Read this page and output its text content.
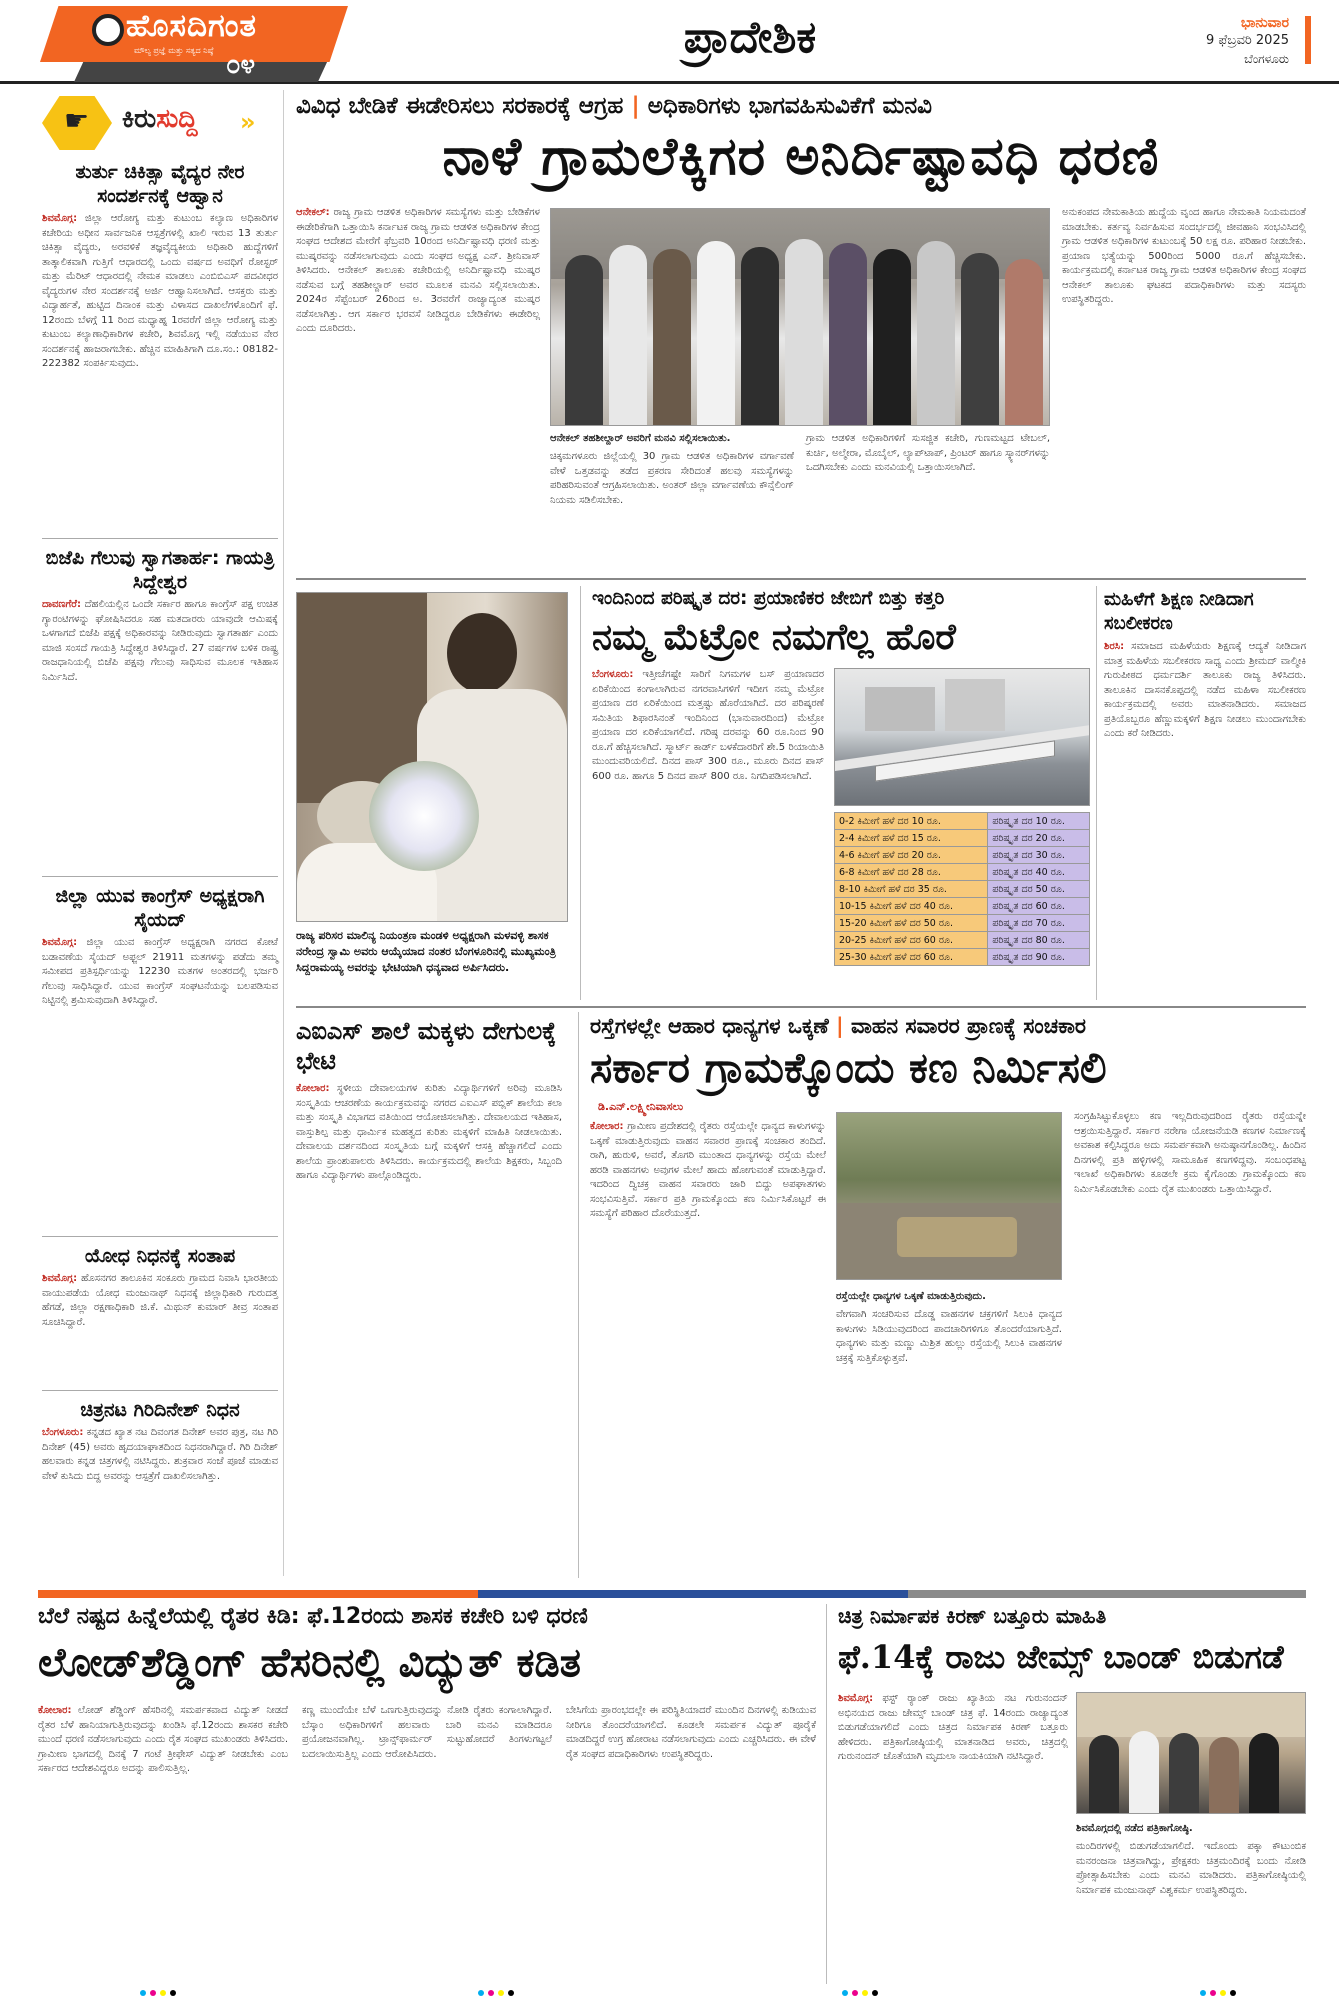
ಹೊಸದಿಗಂತ
ಮೌಲ್ಯ ಪ್ರಜ್ಞೆ ಮತ್ತು ಸತ್ಯದ ನಿಷ್ಠೆ ೦೪
ಪ್ರಾದೇಶಿಕ	ಭಾನುವಾರ
9 ಫೆಬ್ರವರಿ 2025
ಬೆಂಗಳೂರು
☛ ಕಿರುಸುದ್ದಿ »
ತುರ್ತು ಚಿಕಿತ್ಸಾ ವೈದ್ಯರ ನೇರ ಸಂದರ್ಶನಕ್ಕೆ ಆಹ್ವಾನ
ಶಿವಮೊಗ್ಗ: ಜಿಲ್ಲಾ ಆರೋಗ್ಯ ಮತ್ತು ಕುಟುಂಬ ಕಲ್ಯಾಣ ಅಧಿಕಾರಿಗಳ ಕಚೇರಿಯ ಅಧೀನ ಸಾರ್ವಜನಿಕ ಆಸ್ಪತ್ರೆಗಳಲ್ಲಿ ಖಾಲಿ ಇರುವ 13 ತುರ್ತು ಚಿಕಿತ್ಸಾ ವೈದ್ಯರು, ಅರವಳಿಕೆ ತಜ್ಞವೈದ್ಯಕೀಯ ಅಧಿಕಾರಿ ಹುದ್ದೆಗಳಿಗೆ ತಾತ್ಕಾಲಿಕವಾಗಿ ಗುತ್ತಿಗೆ ಆಧಾರದಲ್ಲಿ ಒಂದು ವರ್ಷದ ಅವಧಿಗೆ ರೋಸ್ಟರ್ ಮತ್ತು ಮೆರಿಟ್ ಆಧಾರದಲ್ಲಿ ನೇಮಕ ಮಾಡಲು ಎಂಬಿಬಿಎಸ್ ಪದವೀಧರ ವೈದ್ಯರುಗಳ ನೇರ ಸಂದರ್ಶನಕ್ಕೆ ಅರ್ಜಿ ಆಹ್ವಾನಿಸಲಾಗಿದೆ. ಆಸಕ್ತರು ಮತ್ತು ವಿದ್ಯಾರ್ಹತೆ, ಹುಟ್ಟಿದ ದಿನಾಂಕ ಮತ್ತು ವಿಳಾಸದ ದಾಖಲೆಗಳೊಂದಿಗೆ ಫೆ. 12ರಂದು ಬೆಳಗ್ಗೆ 11 ರಿಂದ ಮಧ್ಯಾಹ್ನ 1ರವರೆಗೆ ಜಿಲ್ಲಾ ಆರೋಗ್ಯ ಮತ್ತು ಕುಟುಂಬ ಕಲ್ಯಾಣಾಧಿಕಾರಿಗಳ ಕಚೇರಿ, ಶಿವಮೊಗ್ಗ ಇಲ್ಲಿ ನಡೆಯುವ ನೇರ ಸಂದರ್ಶನಕ್ಕೆ ಹಾಜರಾಗಬೇಕು. ಹೆಚ್ಚಿನ ಮಾಹಿತಿಗಾಗಿ ದೂ.ಸಂ.: 08182-222382 ಸಂಪರ್ಕಿಸುವುದು.
ಬಿಜೆಪಿ ಗೆಲುವು ಸ್ವಾಗತಾರ್ಹ: ಗಾಯತ್ರಿ ಸಿದ್ದೇಶ್ವರ
ದಾವಣಗೆರೆ: ದೆಹಲಿಯಲ್ಲಿನ ಒಂದೇ ಸರ್ಕಾರ ಹಾಗೂ ಕಾಂಗ್ರೆಸ್ ಪಕ್ಷ ಉಚಿತ ಗ್ಯಾರಂಟಿಗಳನ್ನು ಘೋಷಿಸಿದರೂ ಸಹ ಮತದಾರರು ಯಾವುದೇ ಆಮಿಷಕ್ಕೆ ಒಳಗಾಗದೆ ಬಿಜೆಪಿ ಪಕ್ಷಕ್ಕೆ ಅಧಿಕಾರವನ್ನು ನೀಡಿರುವುದು ಸ್ವಾಗತಾರ್ಹ ಎಂದು ಮಾಜಿ ಸಂಸದೆ ಗಾಯತ್ರಿ ಸಿದ್ದೇಶ್ವರ ತಿಳಿಸಿದ್ದಾರೆ. 27 ವರ್ಷಗಳ ಬಳಿಕ ರಾಷ್ಟ್ರ ರಾಜಧಾನಿಯಲ್ಲಿ ಬಿಜೆಪಿ ಪಕ್ಷವು ಗೆಲುವು ಸಾಧಿಸುವ ಮೂಲಕ ಇತಿಹಾಸ ನಿರ್ಮಿಸಿದೆ.
ಜಿಲ್ಲಾ ಯುವ ಕಾಂಗ್ರೆಸ್ ಅಧ್ಯಕ್ಷರಾಗಿ ಸೈಯದ್
ಶಿವಮೊಗ್ಗ: ಜಿಲ್ಲಾ ಯುವ ಕಾಂಗ್ರೆಸ್ ಅಧ್ಯಕ್ಷರಾಗಿ ನಗರದ ಕೋಟೆ ಬಡಾವಣೆಯ ಸೈಯದ್ ಅಫ್ಜಲ್ 21911 ಮತಗಳನ್ನು ಪಡೆದು ತಮ್ಮ ಸಮೀಪದ ಪ್ರತಿಸ್ಪರ್ಧಿಯನ್ನು 12230 ಮತಗಳ ಅಂತರದಲ್ಲಿ ಭರ್ಜರಿ ಗೆಲುವು ಸಾಧಿಸಿದ್ದಾರೆ. ಯುವ ಕಾಂಗ್ರೆಸ್ ಸಂಘಟನೆಯನ್ನು ಬಲಪಡಿಸುವ ನಿಟ್ಟಿನಲ್ಲಿ ಶ್ರಮಿಸುವುದಾಗಿ ತಿಳಿಸಿದ್ದಾರೆ.
ಯೋಧ ನಿಧನಕ್ಕೆ ಸಂತಾಪ
ಶಿವಮೊಗ್ಗ: ಹೊಸನಗರ ತಾಲೂಕಿನ ಸಂಕೂರು ಗ್ರಾಮದ ನಿವಾಸಿ ಭಾರತೀಯ ವಾಯುಪಡೆಯ ಯೋಧ ಮಂಜುನಾಥ್ ನಿಧನಕ್ಕೆ ಜಿಲ್ಲಾಧಿಕಾರಿ ಗುರುದತ್ತ ಹೆಗಡೆ, ಜಿಲ್ಲಾ ರಕ್ಷಣಾಧಿಕಾರಿ ಜಿ.ಕೆ. ಮಿಥುನ್ ಕುಮಾರ್ ತೀವ್ರ ಸಂತಾಪ ಸೂಚಿಸಿದ್ದಾರೆ.
ಚಿತ್ರನಟ ಗಿರಿದಿನೇಶ್ ನಿಧನ
ಬೆಂಗಳೂರು: ಕನ್ನಡದ ಖ್ಯಾತ ನಟ ದಿವಂಗತ ದಿನೇಶ್ ಅವರ ಪುತ್ರ, ನಟ ಗಿರಿ ದಿನೇಶ್ (45) ಅವರು ಹೃದಯಾಘಾತದಿಂದ ನಿಧನರಾಗಿದ್ದಾರೆ. ಗಿರಿ ದಿನೇಶ್ ಹಲವಾರು ಕನ್ನಡ ಚಿತ್ರಗಳಲ್ಲಿ ನಟಿಸಿದ್ದರು. ಶುಕ್ರವಾರ ಸಂಜೆ ಪೂಜೆ ಮಾಡುವ ವೇಳೆ ಕುಸಿದು ಬಿದ್ದ ಅವರನ್ನು ಆಸ್ಪತ್ರೆಗೆ ದಾಖಲಿಸಲಾಗಿತ್ತು.
ವಿವಿಧ ಬೇಡಿಕೆ ಈಡೇರಿಸಲು ಸರಕಾರಕ್ಕೆ ಆಗ್ರಹ | ಅಧಿಕಾರಿಗಳು ಭಾಗವಹಿಸುವಿಕೆಗೆ ಮನವಿ
ನಾಳೆ ಗ್ರಾಮಲೆಕ್ಕಿಗರ ಅನಿರ್ದಿಷ್ಟಾವಧಿ ಧರಣಿ
ಆನೇಕಲ್: ರಾಜ್ಯ ಗ್ರಾಮ ಆಡಳಿತ ಅಧಿಕಾರಿಗಳ ಸಮಸ್ಯೆಗಳು ಮತ್ತು ಬೇಡಿಕೆಗಳ ಈಡೇರಿಕೆಗಾಗಿ ಒತ್ತಾಯಿಸಿ ಕರ್ನಾಟಕ ರಾಜ್ಯ ಗ್ರಾಮ ಆಡಳಿತ ಅಧಿಕಾರಿಗಳ ಕೇಂದ್ರ ಸಂಘದ ಆದೇಶದ ಮೇರೆಗೆ ಫೆಬ್ರವರಿ 10ರಂದ ಅನಿರ್ದಿಷ್ಟಾವಧಿ ಧರಣಿ ಮತ್ತು ಮುಷ್ಕರವನ್ನು ನಡೆಸಲಾಗುವುದು ಎಂದು ಸಂಘದ ಅಧ್ಯಕ್ಷ ಎನ್. ಶ್ರೀನಿವಾಸ್ ತಿಳಿಸಿದರು. ಆನೇಕಲ್ ತಾಲೂಕು ಕಚೇರಿಯಲ್ಲಿ ಅನಿರ್ದಿಷ್ಟಾವಧಿ ಮುಷ್ಕರ ನಡೆಸುವ ಬಗ್ಗೆ ತಹಶೀಲ್ದಾರ್ ಅವರ ಮೂಲಕ ಮನವಿ ಸಲ್ಲಿಸಲಾಯಿತು. 2024ರ ಸೆಪ್ಟೆಂಬರ್ 26ರಿಂದ ಅ. 3ರವರೆಗೆ ರಾಜ್ಯಾದ್ಯಂತ ಮುಷ್ಕರ ನಡೆಸಲಾಗಿತ್ತು. ಆಗ ಸರ್ಕಾರ ಭರವಸೆ ನೀಡಿದ್ದರೂ ಬೇಡಿಕೆಗಳು ಈಡೇರಿಲ್ಲ ಎಂದು ದೂರಿದರು.
ಆನೇಕಲ್ ತಹಶೀಲ್ದಾರ್ ಅವರಿಗೆ ಮನವಿ ಸಲ್ಲಿಸಲಾಯಿತು.
ಚಿಕ್ಕಮಗಳೂರು ಜಿಲ್ಲೆಯಲ್ಲಿ 30 ಗ್ರಾಮ ಆಡಳಿತ ಅಧಿಕಾರಿಗಳ ವರ್ಗಾವಣೆ ವೇಳೆ ಒತ್ತಡವನ್ನು ತಡೆದ ಪ್ರಕರಣ ಸೇರಿದಂತೆ ಹಲವು ಸಮಸ್ಯೆಗಳನ್ನು ಪರಿಹರಿಸುವಂತೆ ಆಗ್ರಹಿಸಲಾಯಿತು. ಅಂತರ್ ಜಿಲ್ಲಾ ವರ್ಗಾವಣೆಯ ಕೌನ್ಸೆಲಿಂಗ್ ನಿಯಮ ಸಡಿಲಿಸಬೇಕು.
ಗ್ರಾಮ ಆಡಳಿತ ಅಧಿಕಾರಿಗಳಿಗೆ ಸುಸಜ್ಜಿತ ಕಚೇರಿ, ಗುಣಮಟ್ಟದ ಟೇಬಲ್, ಕುರ್ಚಿ, ಅಲ್ಮೇರಾ, ಮೊಬೈಲ್, ಲ್ಯಾಪ್‌ಟಾಪ್, ಪ್ರಿಂಟರ್ ಹಾಗೂ ಸ್ಕ್ಯಾನರ್‌ಗಳನ್ನು ಒದಗಿಸಬೇಕು ಎಂದು ಮನವಿಯಲ್ಲಿ ಒತ್ತಾಯಿಸಲಾಗಿದೆ.
ಅನುಕಂಪದ ನೇಮಕಾತಿಯ ಹುದ್ದೆಯ ವೃಂದ ಹಾಗೂ ನೇಮಕಾತಿ ನಿಯಮದಂತೆ ಮಾಡಬೇಕು. ಕರ್ತವ್ಯ ನಿರ್ವಹಿಸುವ ಸಂದರ್ಭದಲ್ಲಿ ಜೀವಹಾನಿ ಸಂಭವಿಸಿದಲ್ಲಿ ಗ್ರಾಮ ಆಡಳಿತ ಅಧಿಕಾರಿಗಳ ಕುಟುಂಬಕ್ಕೆ 50 ಲಕ್ಷ ರೂ. ಪರಿಹಾರ ನೀಡಬೇಕು. ಪ್ರಯಾಣ ಭತ್ಯೆಯನ್ನು 500ರಿಂದ 5000 ರೂ.ಗೆ ಹೆಚ್ಚಿಸಬೇಕು. ಕಾರ್ಯಕ್ರಮದಲ್ಲಿ ಕರ್ನಾಟಕ ರಾಜ್ಯ ಗ್ರಾಮ ಆಡಳಿತ ಅಧಿಕಾರಿಗಳ ಕೇಂದ್ರ ಸಂಘದ ಆನೇಕಲ್ ತಾಲೂಕು ಘಟಕದ ಪದಾಧಿಕಾರಿಗಳು ಮತ್ತು ಸದಸ್ಯರು ಉಪಸ್ಥಿತರಿದ್ದರು.
ರಾಜ್ಯ ಪರಿಸರ ಮಾಲಿನ್ಯ ನಿಯಂತ್ರಣ ಮಂಡಳಿ ಅಧ್ಯಕ್ಷರಾಗಿ ಮಳವಳ್ಳಿ ಶಾಸಕ ನರೇಂದ್ರ ಸ್ವಾಮಿ ಅವರು ಆಯ್ಕೆಯಾದ ನಂತರ ಬೆಂಗಳೂರಿನಲ್ಲಿ ಮುಖ್ಯಮಂತ್ರಿ ಸಿದ್ದರಾಮಯ್ಯ ಅವರನ್ನು ಭೇಟಿಯಾಗಿ ಧನ್ಯವಾದ ಅರ್ಪಿಸಿದರು.
ಇಂದಿನಿಂದ ಪರಿಷ್ಕೃತ ದರ: ಪ್ರಯಾಣಿಕರ ಜೇಬಿಗೆ ಬಿತ್ತು ಕತ್ತರಿ
ನಮ್ಮ ಮೆಟ್ರೋ ನಮಗೆಲ್ಲ ಹೊರೆ
ಬೆಂಗಳೂರು: ಇತ್ತೀಚೆಗಷ್ಟೇ ಸಾರಿಗೆ ನಿಗಮಗಳ ಬಸ್ ಪ್ರಯಾಣದರ ಏರಿಕೆಯಿಂದ ಕಂಗಾಲಾಗಿರುವ ನಗರವಾಸಿಗಳಿಗೆ ಇದೀಗ ನಮ್ಮ ಮೆಟ್ರೋ ಪ್ರಯಾಣ ದರ ಏರಿಕೆಯಿಂದ ಮತ್ತಷ್ಟು ಹೊರೆಯಾಗಿದೆ. ದರ ಪರಿಷ್ಕರಣೆ ಸಮಿತಿಯ ಶಿಫಾರಸಿನಂತೆ ಇಂದಿನಿಂದ (ಭಾನುವಾರದಿಂದ) ಮೆಟ್ರೋ ಪ್ರಯಾಣ ದರ ಏರಿಕೆಯಾಗಲಿದೆ. ಗರಿಷ್ಠ ದರವನ್ನು 60 ರೂ.ನಿಂದ 90 ರೂ.ಗೆ ಹೆಚ್ಚಿಸಲಾಗಿದೆ. ಸ್ಮಾರ್ಟ್ ಕಾರ್ಡ್ ಬಳಕೆದಾರರಿಗೆ ಶೇ.5 ರಿಯಾಯಿತಿ ಮುಂದುವರಿಯಲಿದೆ. ದಿನದ ಪಾಸ್ 300 ರೂ., ಮೂರು ದಿನದ ಪಾಸ್ 600 ರೂ. ಹಾಗೂ 5 ದಿನದ ಪಾಸ್ 800 ರೂ. ನಿಗದಿಪಡಿಸಲಾಗಿದೆ.
0-2 ಕಿಮೀಗೆ ಹಳೆ ದರ 10 ರೂ.	ಪರಿಷ್ಕೃತ ದರ 10 ರೂ.
2-4 ಕಿಮೀಗೆ ಹಳೆ ದರ 15 ರೂ.	ಪರಿಷ್ಕೃತ ದರ 20 ರೂ.
4-6 ಕಿಮೀಗೆ ಹಳೆ ದರ 20 ರೂ.	ಪರಿಷ್ಕೃತ ದರ 30 ರೂ.
6-8 ಕಿಮೀಗೆ ಹಳೆ ದರ 28 ರೂ.	ಪರಿಷ್ಕೃತ ದರ 40 ರೂ.
8-10 ಕಿಮೀಗೆ ಹಳೆ ದರ 35 ರೂ.	ಪರಿಷ್ಕೃತ ದರ 50 ರೂ.
10-15 ಕಿಮೀಗೆ ಹಳೆ ದರ 40 ರೂ.	ಪರಿಷ್ಕೃತ ದರ 60 ರೂ.
15-20 ಕಿಮೀಗೆ ಹಳೆ ದರ 50 ರೂ.	ಪರಿಷ್ಕೃತ ದರ 70 ರೂ.
20-25 ಕಿಮೀಗೆ ಹಳೆ ದರ 60 ರೂ.	ಪರಿಷ್ಕೃತ ದರ 80 ರೂ.
25-30 ಕಿಮೀಗೆ ಹಳೆ ದರ 60 ರೂ.	ಪರಿಷ್ಕೃತ ದರ 90 ರೂ.
ಮಹಿಳೆಗೆ ಶಿಕ್ಷಣ ನೀಡಿದಾಗ ಸಬಲೀಕರಣ
ಶಿರಸಿ: ಸಮಾಜದ ಮಹಿಳೆಯರು ಶಿಕ್ಷಣಕ್ಕೆ ಆದ್ಯತೆ ನೀಡಿದಾಗ ಮಾತ್ರ ಮಹಿಳೆಯ ಸಬಲೀಕರಣ ಸಾಧ್ಯ ಎಂದು ಶ್ರೀಮದ್ ವಾಲ್ಮೀಕಿ ಗುರುಪೀಠದ ಧರ್ಮದರ್ಶಿ ತಾಲೂಕು ರಾಜ್ಯ ತಿಳಿಸಿದರು. ತಾಲೂಕಿನ ದಾಸನಕೊಪ್ಪದಲ್ಲಿ ನಡೆದ ಮಹಿಳಾ ಸಬಲೀಕರಣ ಕಾರ್ಯಕ್ರಮದಲ್ಲಿ ಅವರು ಮಾತನಾಡಿದರು. ಸಮಾಜದ ಪ್ರತಿಯೊಬ್ಬರೂ ಹೆಣ್ಣುಮಕ್ಕಳಿಗೆ ಶಿಕ್ಷಣ ನೀಡಲು ಮುಂದಾಗಬೇಕು ಎಂದು ಕರೆ ನೀಡಿದರು.
ಎಐಎಸ್ ಶಾಲೆ ಮಕ್ಕಳು ದೇಗುಲಕ್ಕೆ ಭೇಟಿ
ಕೋಲಾರ: ಸ್ಥಳೀಯ ದೇವಾಲಯಗಳ ಕುರಿತು ವಿದ್ಯಾರ್ಥಿಗಳಿಗೆ ಅರಿವು ಮೂಡಿಸಿ ಸಂಸ್ಕೃತಿಯ ಆಚರಣೆಯ ಕಾರ್ಯಕ್ರಮವನ್ನು ನಗರದ ಎಐಎಸ್ ಪಬ್ಲಿಕ್ ಶಾಲೆಯ ಕಲಾ ಮತ್ತು ಸಂಸ್ಕೃತಿ ವಿಭಾಗದ ವತಿಯಿಂದ ಆಯೋಜಿಸಲಾಗಿತ್ತು. ದೇವಾಲಯದ ಇತಿಹಾಸ, ವಾಸ್ತುಶಿಲ್ಪ ಮತ್ತು ಧಾರ್ಮಿಕ ಮಹತ್ವದ ಕುರಿತು ಮಕ್ಕಳಿಗೆ ಮಾಹಿತಿ ನೀಡಲಾಯಿತು. ದೇವಾಲಯ ದರ್ಶನದಿಂದ ಸಂಸ್ಕೃತಿಯ ಬಗ್ಗೆ ಮಕ್ಕಳಿಗೆ ಆಸಕ್ತಿ ಹೆಚ್ಚಾಗಲಿದೆ ಎಂದು ಶಾಲೆಯ ಪ್ರಾಂಶುಪಾಲರು ತಿಳಿಸಿದರು. ಕಾರ್ಯಕ್ರಮದಲ್ಲಿ ಶಾಲೆಯ ಶಿಕ್ಷಕರು, ಸಿಬ್ಬಂದಿ ಹಾಗೂ ವಿದ್ಯಾರ್ಥಿಗಳು ಪಾಲ್ಗೊಂಡಿದ್ದರು.
ರಸ್ತೆಗಳಲ್ಲೇ ಆಹಾರ ಧಾನ್ಯಗಳ ಒಕ್ಕಣೆ | ವಾಹನ ಸವಾರರ ಪ್ರಾಣಕ್ಕೆ ಸಂಚಕಾರ
ಸರ್ಕಾರ ಗ್ರಾಮಕ್ಕೊಂದು ಕಣ ನಿರ್ಮಿಸಲಿ
ಡಿ.ಎನ್.ಲಕ್ಷ್ಮೀನಿವಾಸಲು
ಕೋಲಾರ: ಗ್ರಾಮೀಣ ಪ್ರದೇಶದಲ್ಲಿ ರೈತರು ರಸ್ತೆಯಲ್ಲೇ ಧಾನ್ಯದ ಕಾಳುಗಳನ್ನು ಒಕ್ಕಣೆ ಮಾಡುತ್ತಿರುವುದು ವಾಹನ ಸವಾರರ ಪ್ರಾಣಕ್ಕೆ ಸಂಚಕಾರ ತಂದಿದೆ. ರಾಗಿ, ಹುರುಳಿ, ಅವರೆ, ತೊಗರಿ ಮುಂತಾದ ಧಾನ್ಯಗಳನ್ನು ರಸ್ತೆಯ ಮೇಲೆ ಹರಡಿ ವಾಹನಗಳು ಅವುಗಳ ಮೇಲೆ ಹಾದು ಹೋಗುವಂತೆ ಮಾಡುತ್ತಿದ್ದಾರೆ. ಇದರಿಂದ ದ್ವಿಚಕ್ರ ವಾಹನ ಸವಾರರು ಜಾರಿ ಬಿದ್ದು ಅಪಘಾತಗಳು ಸಂಭವಿಸುತ್ತಿವೆ. ಸರ್ಕಾರ ಪ್ರತಿ ಗ್ರಾಮಕ್ಕೊಂದು ಕಣ ನಿರ್ಮಿಸಿಕೊಟ್ಟರೆ ಈ ಸಮಸ್ಯೆಗೆ ಪರಿಹಾರ ದೊರೆಯುತ್ತದೆ.
ರಸ್ತೆಯಲ್ಲೇ ಧಾನ್ಯಗಳ ಒಕ್ಕಣೆ ಮಾಡುತ್ತಿರುವುದು.
ವೇಗವಾಗಿ ಸಂಚರಿಸುವ ದೊಡ್ಡ ವಾಹನಗಳ ಚಕ್ರಗಳಿಗೆ ಸಿಲುಕಿ ಧಾನ್ಯದ ಕಾಳುಗಳು ಸಿಡಿಯುವುದರಿಂದ ಪಾದಚಾರಿಗಳಿಗೂ ತೊಂದರೆಯಾಗುತ್ತಿದೆ. ಧಾನ್ಯಗಳು ಮತ್ತು ಮಣ್ಣು ಮಿಶ್ರಿತ ಹುಲ್ಲು ರಸ್ತೆಯಲ್ಲಿ ಸಿಲುಕಿ ವಾಹನಗಳ ಚಕ್ರಕ್ಕೆ ಸುತ್ತಿಕೊಳ್ಳುತ್ತವೆ.
ಸಂಗ್ರಹಿಸಿಟ್ಟುಕೊಳ್ಳಲು ಕಣ ಇಲ್ಲದಿರುವುದರಿಂದ ರೈತರು ರಸ್ತೆಯನ್ನೇ ಆಶ್ರಯಿಸುತ್ತಿದ್ದಾರೆ. ಸರ್ಕಾರ ನರೇಗಾ ಯೋಜನೆಯಡಿ ಕಣಗಳ ನಿರ್ಮಾಣಕ್ಕೆ ಅವಕಾಶ ಕಲ್ಪಿಸಿದ್ದರೂ ಅದು ಸಮರ್ಪಕವಾಗಿ ಅನುಷ್ಠಾನಗೊಂಡಿಲ್ಲ. ಹಿಂದಿನ ದಿನಗಳಲ್ಲಿ ಪ್ರತಿ ಹಳ್ಳಿಗಳಲ್ಲಿ ಸಾಮೂಹಿಕ ಕಣಗಳಿದ್ದವು. ಸಂಬಂಧಪಟ್ಟ ಇಲಾಖೆ ಅಧಿಕಾರಿಗಳು ಕೂಡಲೇ ಕ್ರಮ ಕೈಗೊಂಡು ಗ್ರಾಮಕ್ಕೊಂದು ಕಣ ನಿರ್ಮಿಸಿಕೊಡಬೇಕು ಎಂದು ರೈತ ಮುಖಂಡರು ಒತ್ತಾಯಿಸಿದ್ದಾರೆ.
ಬೆಲೆ ನಷ್ಟದ ಹಿನ್ನೆಲೆಯಲ್ಲಿ ರೈತರ ಕಿಡಿ: ಫೆ.12ರಂದು ಶಾಸಕ ಕಚೇರಿ ಬಳಿ ಧರಣಿ
ಲೋಡ್‌ಶೆಡ್ಡಿಂಗ್ ಹೆಸರಿನಲ್ಲಿ ವಿದ್ಯುತ್ ಕಡಿತ
ಕೋಲಾರ: ಲೋಡ್ ಶೆಡ್ಡಿಂಗ್ ಹೆಸರಿನಲ್ಲಿ ಸಮರ್ಪಕವಾದ ವಿದ್ಯುತ್ ನೀಡದೆ ರೈತರ ಬೆಳೆ ಹಾನಿಯಾಗುತ್ತಿರುವುದನ್ನು ಖಂಡಿಸಿ ಫೆ.12ರಂದು ಶಾಸಕರ ಕಚೇರಿ ಮುಂದೆ ಧರಣಿ ನಡೆಸಲಾಗುವುದು ಎಂದು ರೈತ ಸಂಘದ ಮುಖಂಡರು ತಿಳಿಸಿದರು. ಗ್ರಾಮೀಣ ಭಾಗದಲ್ಲಿ ದಿನಕ್ಕೆ 7 ಗಂಟೆ ತ್ರೀಫೇಸ್ ವಿದ್ಯುತ್ ನೀಡಬೇಕು ಎಂಬ ಸರ್ಕಾರದ ಆದೇಶವಿದ್ದರೂ ಅದನ್ನು ಪಾಲಿಸುತ್ತಿಲ್ಲ.
ಕಣ್ಣ ಮುಂದೆಯೇ ಬೆಳೆ ಒಣಗುತ್ತಿರುವುದನ್ನು ನೋಡಿ ರೈತರು ಕಂಗಾಲಾಗಿದ್ದಾರೆ. ಬೆಸ್ಕಾಂ ಅಧಿಕಾರಿಗಳಿಗೆ ಹಲವಾರು ಬಾರಿ ಮನವಿ ಮಾಡಿದರೂ ಪ್ರಯೋಜನವಾಗಿಲ್ಲ. ಟ್ರಾನ್ಸ್‌ಫಾರ್ಮರ್ ಸುಟ್ಟುಹೋದರೆ ತಿಂಗಳುಗಟ್ಟಲೆ ಬದಲಾಯಿಸುತ್ತಿಲ್ಲ ಎಂದು ಆರೋಪಿಸಿದರು.
ಬೇಸಿಗೆಯ ಪ್ರಾರಂಭದಲ್ಲೇ ಈ ಪರಿಸ್ಥಿತಿಯಾದರೆ ಮುಂದಿನ ದಿನಗಳಲ್ಲಿ ಕುಡಿಯುವ ನೀರಿಗೂ ತೊಂದರೆಯಾಗಲಿದೆ. ಕೂಡಲೇ ಸಮರ್ಪಕ ವಿದ್ಯುತ್ ಪೂರೈಕೆ ಮಾಡದಿದ್ದರೆ ಉಗ್ರ ಹೋರಾಟ ನಡೆಸಲಾಗುವುದು ಎಂದು ಎಚ್ಚರಿಸಿದರು. ಈ ವೇಳೆ ರೈತ ಸಂಘದ ಪದಾಧಿಕಾರಿಗಳು ಉಪಸ್ಥಿತರಿದ್ದರು.
ಚಿತ್ರ ನಿರ್ಮಾಪಕ ಕಿರಣ್ ಬತ್ತೂರು ಮಾಹಿತಿ
ಫೆ.14ಕ್ಕೆ ರಾಜು ಜೇಮ್ಸ್ ಬಾಂಡ್ ಬಿಡುಗಡೆ
ಶಿವಮೊಗ್ಗ: ಫಸ್ಟ್ ರ್‍ಯಾಂಕ್ ರಾಜು ಖ್ಯಾತಿಯ ನಟ ಗುರುನಂದನ್ ಅಭಿನಯದ ರಾಜು ಜೇಮ್ಸ್ ಬಾಂಡ್ ಚಿತ್ರ ಫೆ. 14ರಂದು ರಾಜ್ಯಾದ್ಯಂತ ಬಿಡುಗಡೆಯಾಗಲಿದೆ ಎಂದು ಚಿತ್ರದ ನಿರ್ಮಾಪಕ ಕಿರಣ್ ಬತ್ತೂರು ಹೇಳಿದರು. ಪತ್ರಿಕಾಗೋಷ್ಠಿಯಲ್ಲಿ ಮಾತನಾಡಿದ ಅವರು, ಚಿತ್ರದಲ್ಲಿ ಗುರುನಂದನ್ ಜೊತೆಯಾಗಿ ಮೃದುಲಾ ನಾಯಕಿಯಾಗಿ ನಟಿಸಿದ್ದಾರೆ.
ಶಿವಮೊಗ್ಗದಲ್ಲಿ ನಡೆದ ಪತ್ರಿಕಾಗೋಷ್ಠಿ.
ಮಂದಿರಗಳಲ್ಲಿ ಬಿಡುಗಡೆಯಾಗಲಿದೆ. ಇದೊಂದು ಪಕ್ಕಾ ಕೌಟುಂಬಿಕ ಮನರಂಜನಾ ಚಿತ್ರವಾಗಿದ್ದು, ಪ್ರೇಕ್ಷಕರು ಚಿತ್ರಮಂದಿರಕ್ಕೆ ಬಂದು ನೋಡಿ ಪ್ರೋತ್ಸಾಹಿಸಬೇಕು ಎಂದು ಮನವಿ ಮಾಡಿದರು. ಪತ್ರಿಕಾಗೋಷ್ಠಿಯಲ್ಲಿ ನಿರ್ಮಾಪಕ ಮಂಜುನಾಥ್ ವಿಶ್ವಕರ್ಮ ಉಪಸ್ಥಿತರಿದ್ದರು.
